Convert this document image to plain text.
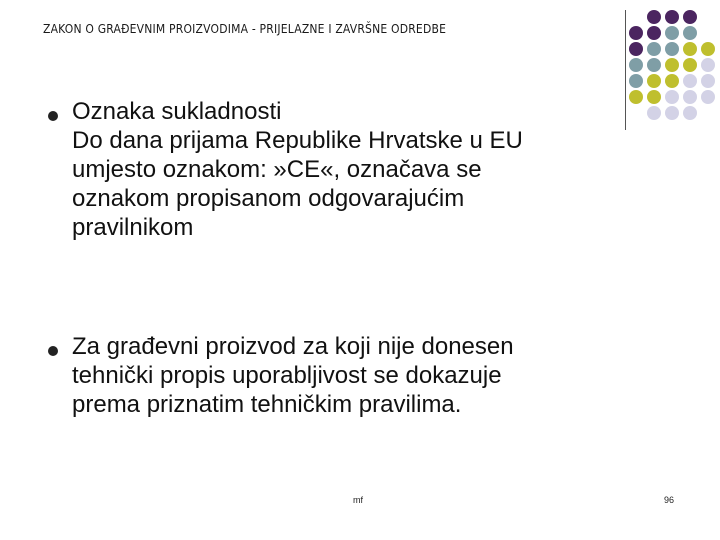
ZAKON O GRAĐEVNIM PROIZVODIMA - PRIJELAZNE I ZAVRŠNE ODREDBE
Oznaka sukladnosti
Do dana prijama Republike Hrvatske u EU
umjesto oznakom: »CE«, označava se
oznakom propisanom odgovarajućim
pravilnikom
Za građevni proizvod za koji nije donesen
tehnički propis uporabljivost se dokazuje
prema priznatim tehničkim pravilima.
mf	96
